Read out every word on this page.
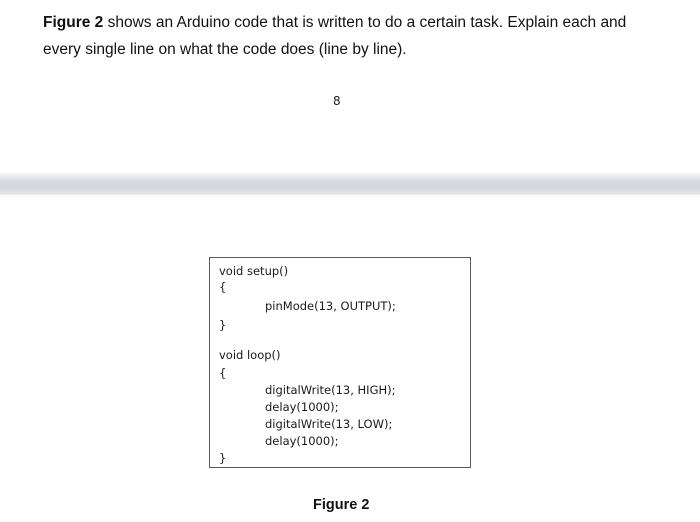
Figure 2 shows an Arduino code that is written to do a certain task. Explain each and every single line on what the code does (line by line).
8
void setup()
{
pinMode(13, OUTPUT);
}
void loop()
{
digitalWrite(13, HIGH);
delay(1000);
digitalWrite(13, LOW);
delay(1000);
}
Figure 2
